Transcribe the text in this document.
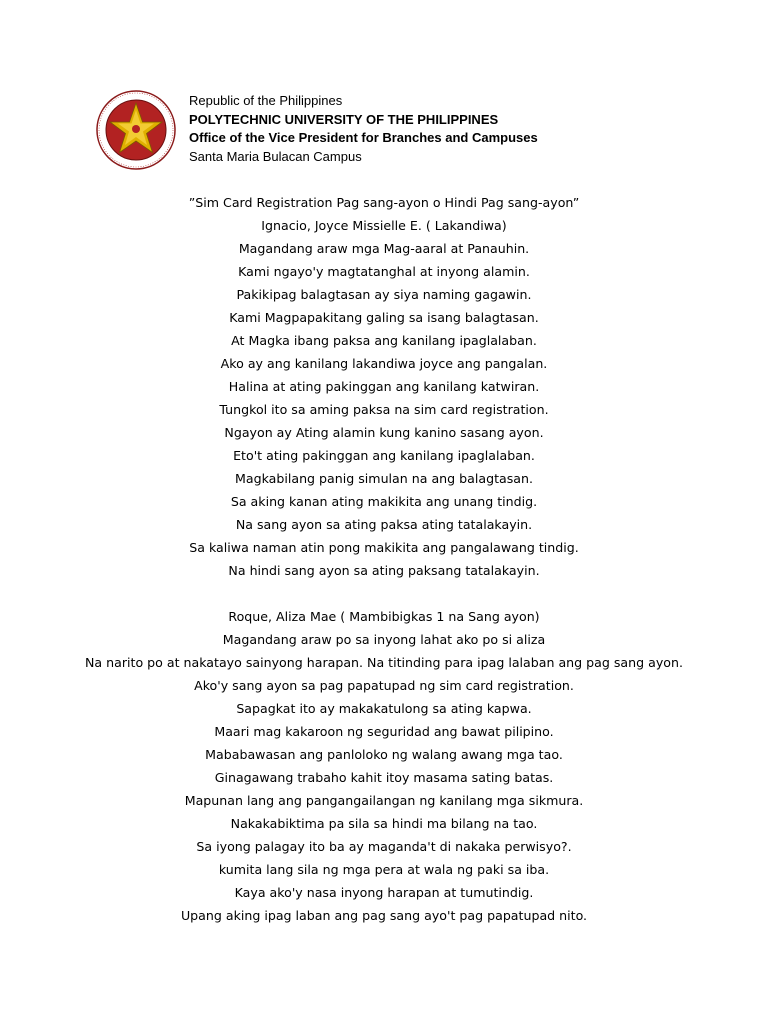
Republic of the Philippines
POLYTECHNIC UNIVERSITY OF THE PHILIPPINES
Office of the Vice President for Branches and Campuses
Santa Maria Bulacan Campus
”Sim Card Registration Pag sang-ayon o Hindi Pag sang-ayon”
Ignacio, Joyce Missielle E. ( Lakandiwa)
Magandang araw mga Mag-aaral at Panauhin.
Kami ngayo'y magtatanghal at inyong alamin.
Pakikipag balagtasan ay siya naming gagawin.
Kami Magpapakitang galing sa isang balagtasan.
At Magka ibang paksa ang kanilang ipaglalaban.
Ako ay ang kanilang lakandiwa joyce ang pangalan.
Halina at ating pakinggan ang kanilang katwiran.
Tungkol ito sa aming paksa na sim card registration.
Ngayon ay Ating alamin kung kanino sasang ayon.
Eto't ating pakinggan ang kanilang ipaglalaban.
Magkabilang panig simulan na ang balagtasan.
Sa aking kanan ating makikita ang unang tindig.
Na sang ayon sa ating paksa ating tatalakayin.
Sa kaliwa naman atin pong makikita ang pangalawang tindig.
Na hindi sang ayon sa ating paksang tatalakayin.
Roque, Aliza Mae ( Mambibigkas 1 na Sang ayon)
Magandang araw po sa inyong lahat ako po si aliza
Na narito po at nakatayo sainyong harapan. Na titinding para ipag lalaban ang pag sang ayon.
Ako'y sang ayon sa pag papatupad ng sim card registration.
Sapagkat ito ay makakatulong sa ating kapwa.
Maari mag kakaroon ng seguridad ang bawat pilipino.
Mababawasan ang panloloko ng walang awang mga tao.
Ginagawang trabaho kahit itoy masama sating batas.
Mapunan lang ang pangangailangan ng kanilang mga sikmura.
Nakakabiktima pa sila sa hindi ma bilang na tao.
Sa iyong palagay ito ba ay maganda't di nakaka perwisyo?.
kumita lang sila ng mga pera at wala ng paki sa iba.
Kaya ako'y nasa inyong harapan at tumutindig.
Upang aking ipag laban ang pag sang ayo't pag papatupad nito.
